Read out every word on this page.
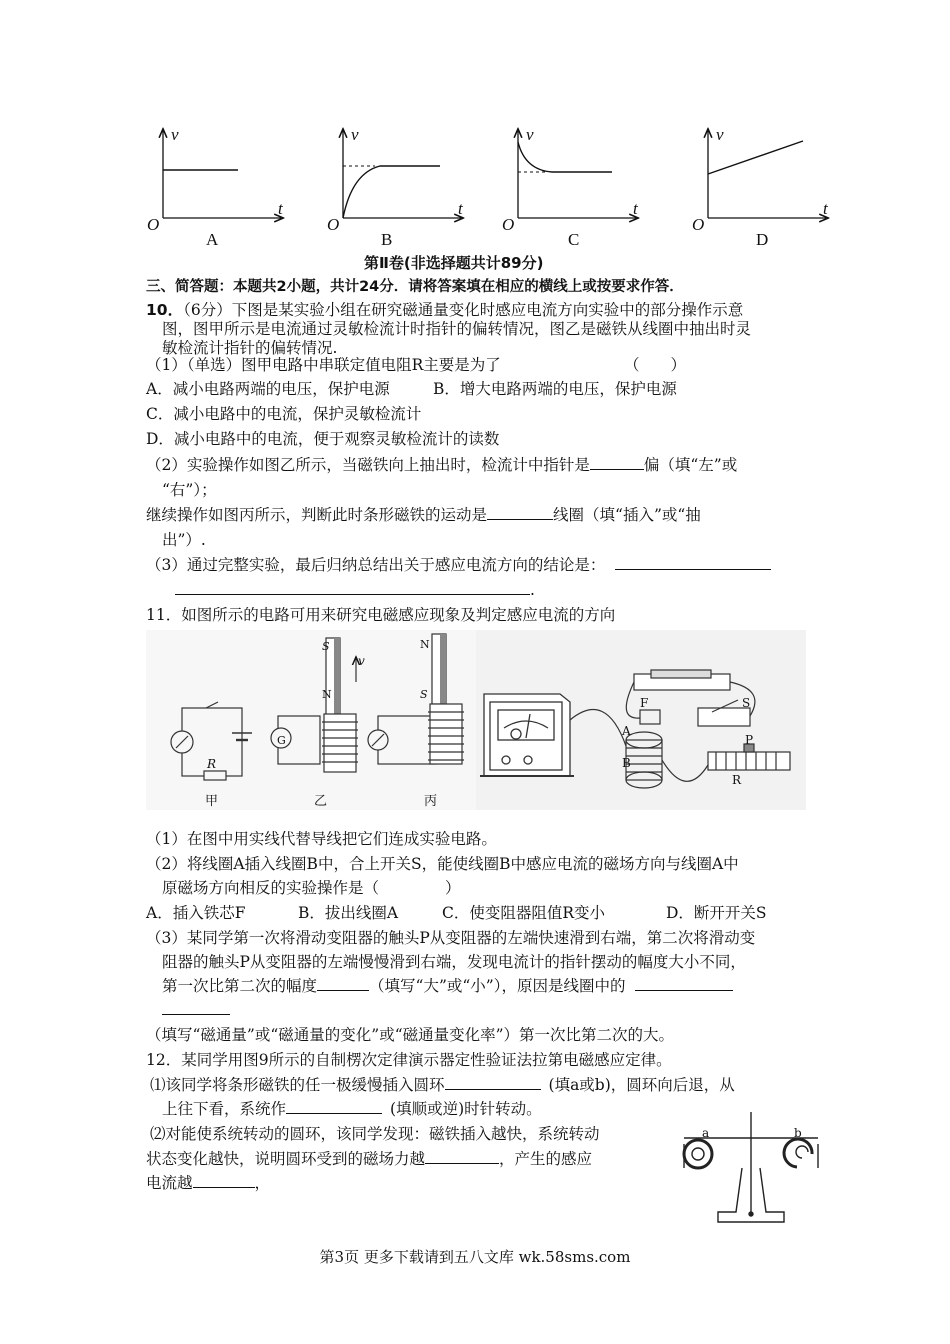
v
t
O
A
v
t
O
B
v
t
O
C
v
t
O
D
第Ⅱ卷(非选择题共计89分)
三、简答题：本题共2小题，共计24分．请将答案填在相应的横线上或按要求作答．
10．（6分）下图是某实验小组在研究磁通量变化时感应电流方向实验中的部分操作示意
图，图甲所示是电流通过灵敏检流计时指针的偏转情况，图乙是磁铁从线圈中抽出时灵
敏检流计指针的偏转情况.
（1）（单选）图甲电路中串联定值电阻R主要是为了	（　　）
A．减小电路两端的电压，保护电源	B．增大电路两端的电压，保护电源
C．减小电路中的电流，保护灵敏检流计
D．减小电路中的电流，便于观察灵敏检流计的读数
（2）实验操作如图乙所示，当磁铁向上抽出时，检流计中指针是	偏（填“左”或
“右”）；
继续操作如图丙所示，判断此时条形磁铁的运动是	线圈（填“插入”或“抽
出”）.
（3）通过完整实验，最后归纳总结出关于感应电流方向的结论是：
.
11．如图所示的电路可用来研究电磁感应现象及判定感应电流的方向
R
G
v
S
N
N
S
甲	乙	丙
F
A
B
P
S
R
（1）在图中用实线代替导线把它们连成实验电路。
（2）将线圈A插入线圈B中，合上开关S，能使线圈B中感应电流的磁场方向与线圈A中
原磁场方向相反的实验操作是（	）
A．插入铁芯F	B．拔出线圈A	C．使变阻器阻值R变小	D．断开开关S
（3）某同学第一次将滑动变阻器的触头P从变阻器的左端快速滑到右端，第二次将滑动变
阻器的触头P从变阻器的左端慢慢滑到右端，发现电流计的指针摆动的幅度大小不同，
第一次比第二次的幅度	（填写“大”或“小”），原因是线圈中的
（填写“磁通量”或“磁通量的变化”或“磁通量变化率”）第一次比第二次的大。
12．某同学用图9所示的自制楞次定律演示器定性验证法拉第电磁感应定律。
⑴该同学将条形磁铁的任一极缓慢插入圆环	(填a或b)，圆环向后退，从
上往下看，系统作	(填顺或逆)时针转动。
⑵对能使系统转动的圆环，该同学发现：磁铁插入越快，系统转动
状态变化越快，说明圆环受到的磁场力越	，产生的感应
电流越	，
a	b
第3页 更多下载请到五八文库 wk.58sms.com
